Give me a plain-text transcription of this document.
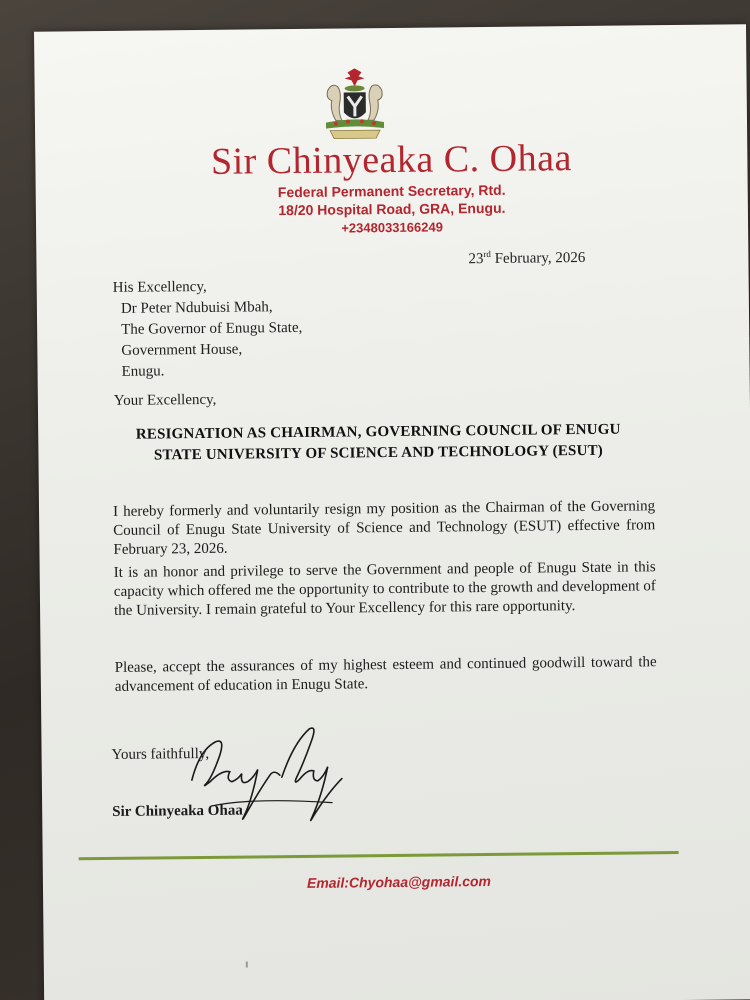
Sir Chinyeaka C. Ohaa
Federal Permanent Secretary, Rtd.
18/20 Hospital Road, GRA, Enugu.
+2348033166249
23rd February, 2026
His Excellency,
Dr Peter Ndubuisi Mbah,
The Governor of Enugu State,
Government House,
Enugu.
Your Excellency,
RESIGNATION AS CHAIRMAN, GOVERNING COUNCIL OF ENUGU
STATE UNIVERSITY OF SCIENCE AND TECHNOLOGY (ESUT)
I hereby formerly and voluntarily resign my position as the Chairman of the Governing Council of Enugu State University of Science and Technology (ESUT) effective from February 23, 2026.
It is an honor and privilege to serve the Government and people of Enugu State in this capacity which offered me the opportunity to contribute to the growth and development of the University. I remain grateful to Your Excellency for this rare opportunity.
Please, accept the assurances of my highest esteem and continued goodwill toward the advancement of education in Enugu State.
Yours faithfully,
Sir Chinyeaka Ohaa
Email:Chyohaa@gmail.com
